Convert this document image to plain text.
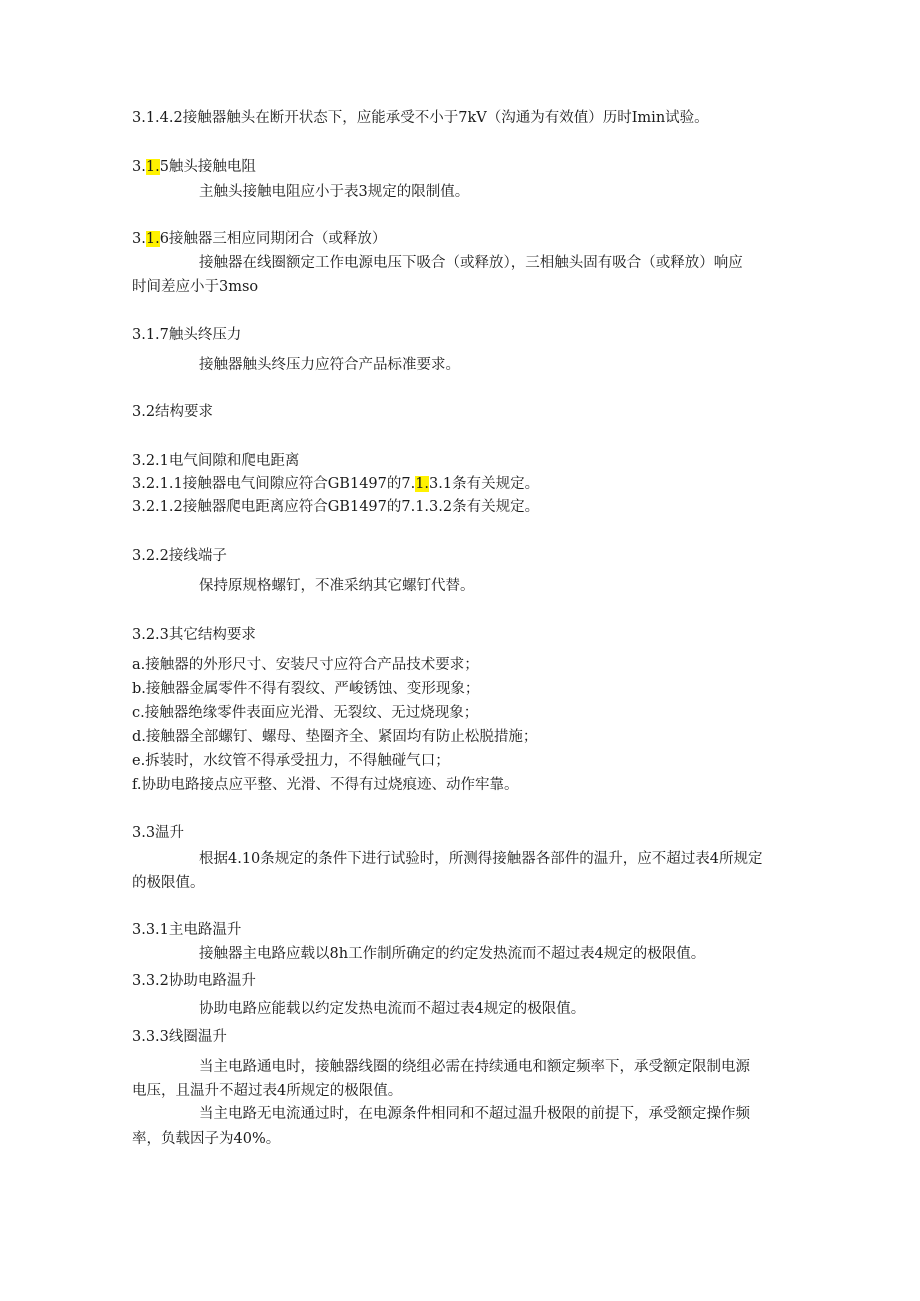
3.1.4.2接触器触头在断开状态下，应能承受不小于7kV（沟通为有效值）历时Imin试验。
3.1.5触头接触电阻
主触头接触电阻应小于表3规定的限制值。
3.1.6接触器三相应同期闭合（或释放）
接触器在线圈额定工作电源电压下吸合（或释放），三相触头固有吸合（或释放）响应
时间差应小于3mso
3.1.7触头终压力
接触器触头终压力应符合产品标准要求。
3.2结构要求
3.2.1电气间隙和爬电距离
3.2.1.1接触器电气间隙应符合GB1497的7.1.3.1条有关规定。
3.2.1.2接触器爬电距离应符合GB1497的7.1.3.2条有关规定。
3.2.2接线端子
保持原规格螺钉，不准采纳其它螺钉代替。
3.2.3其它结构要求
a.接触器的外形尺寸、安装尺寸应符合产品技术要求；
b.接触器金属零件不得有裂纹、严峻锈蚀、变形现象；
c.接触器绝缘零件表面应光滑、无裂纹、无过烧现象；
d.接触器全部螺钉、螺母、垫圈齐全、紧固均有防止松脱措施；
e.拆装时，水纹管不得承受扭力，不得触碰气口；
f.协助电路接点应平整、光滑、不得有过烧痕迹、动作牢靠。
3.3温升
根据4.10条规定的条件下进行试验时，所测得接触器各部件的温升，应不超过表4所规定
的极限值。
3.3.1主电路温升
接触器主电路应载以8h工作制所确定的约定发热流而不超过表4规定的极限值。
3.3.2协助电路温升
协助电路应能载以约定发热电流而不超过表4规定的极限值。
3.3.3线圈温升
当主电路通电时，接触器线圈的绕组必需在持续通电和额定频率下，承受额定限制电源
电压，且温升不超过表4所规定的极限值。
当主电路无电流通过时，在电源条件相同和不超过温升极限的前提下，承受额定操作频
率，负载因子为40%。
